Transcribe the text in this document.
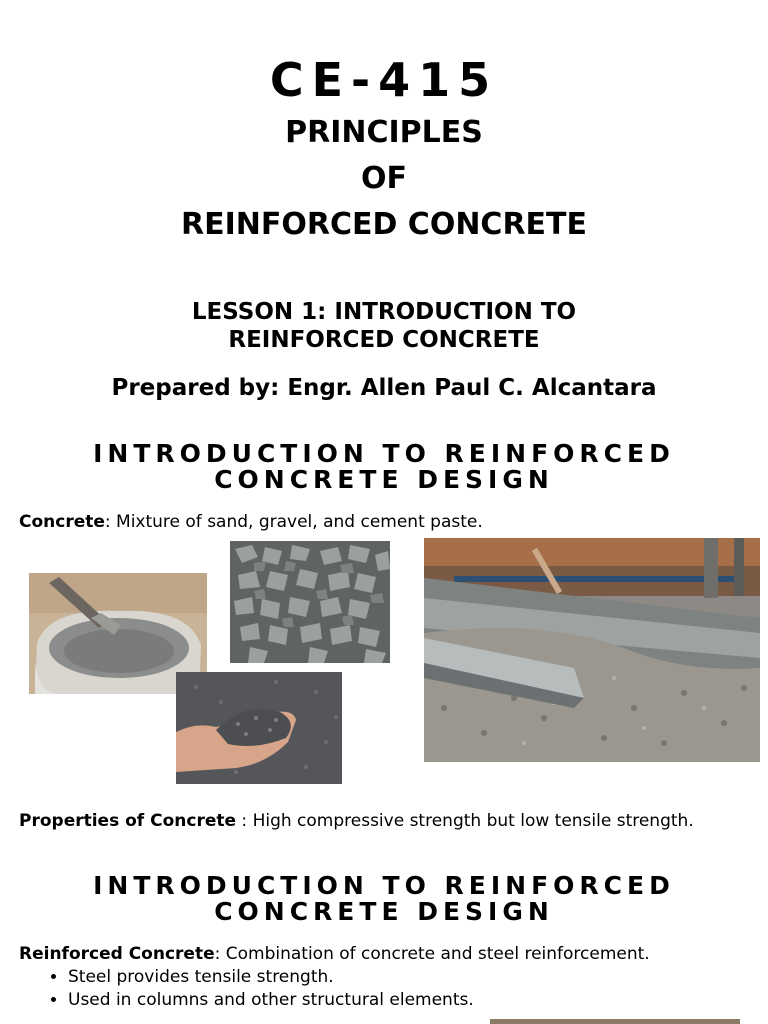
CE-415
PRINCIPLES
OF
REINFORCED CONCRETE
LESSON 1: INTRODUCTION TO
REINFORCED CONCRETE
Prepared by: Engr. Allen Paul C. Alcantara
INTRODUCTION TO REINFORCED
CONCRETE DESIGN
Concrete: Mixture of sand, gravel, and cement paste.
Properties of Concrete : High compressive strength but low tensile strength.
INTRODUCTION TO REINFORCED
CONCRETE DESIGN
Reinforced Concrete: Combination of concrete and steel reinforcement.
• Steel provides tensile strength.
• Used in columns and other structural elements.
